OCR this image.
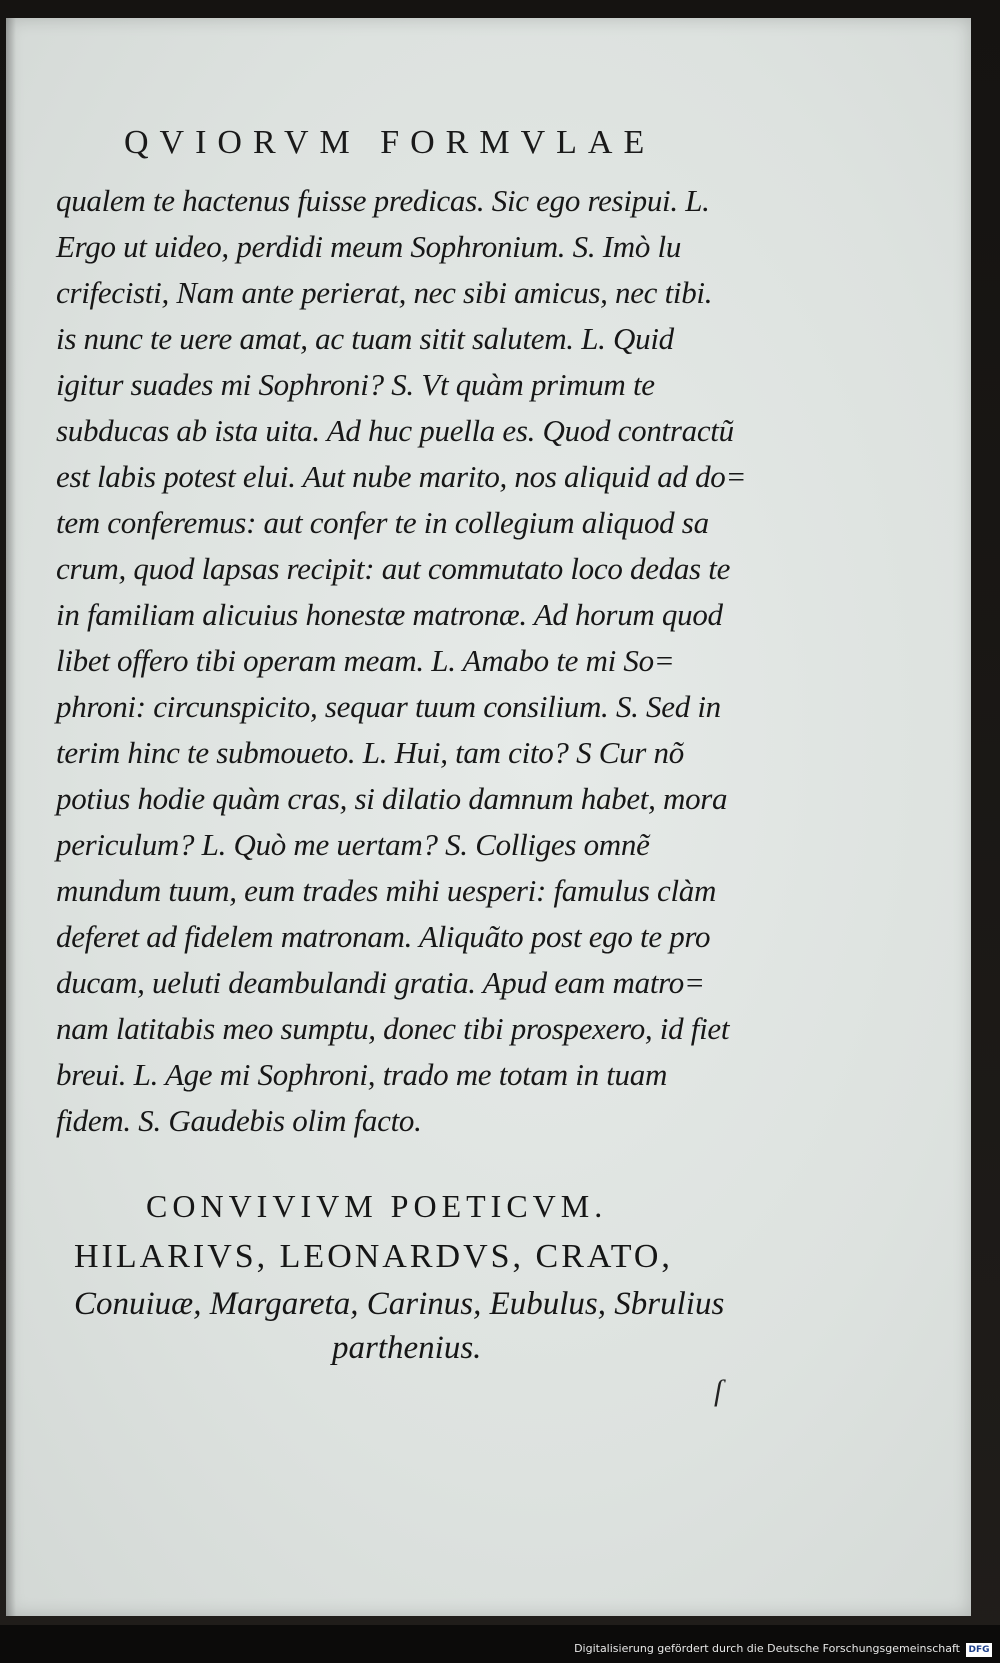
QVIORVM FORMVLAE
qualem te hactenus fuisse predicas. Sic ego resipui. L.
Ergo ut uideo, perdidi meum Sophronium. S. Imò lu
crifecisti, Nam ante perierat, nec sibi amicus, nec tibi.
is nunc te uere amat, ac tuam sitit salutem. L. Quid
igitur suades mi Sophroni? S. Vt quàm primum te
subducas ab ista uita. Ad huc puella es. Quod contractũ
est labis potest elui. Aut nube marito, nos aliquid ad do=
tem conferemus: aut confer te in collegium aliquod sa
crum, quod lapsas recipit: aut commutato loco dedas te
in familiam alicuius honestæ matronæ. Ad horum quod
libet offero tibi operam meam. L. Amabo te mi So=
phroni: circunspicito, sequar tuum consilium. S. Sed in
terim hinc te submoueto. L. Hui, tam cito? S Cur nõ
potius hodie quàm cras, si dilatio damnum habet, mora
periculum? L. Quò me uertam? S. Colliges omnẽ
mundum tuum, eum trades mihi uesperi: famulus clàm
deferet ad fidelem matronam. Aliquãto post ego te pro
ducam, ueluti deambulandi gratia. Apud eam matro=
nam latitabis meo sumptu, donec tibi prospexero, id fiet
breui. L. Age mi Sophroni, trado me totam in tuam
fidem. S. Gaudebis olim facto.
CONVIVIVM POETICVM.
HILARIVS, LEONARDVS, CRATO,
Conuiuæ, Margareta, Carinus, Eubulus, Sbrulius
parthenius.
ſ
Digitalisierung gefördert durch die Deutsche Forschungsgemeinschaft DFG
